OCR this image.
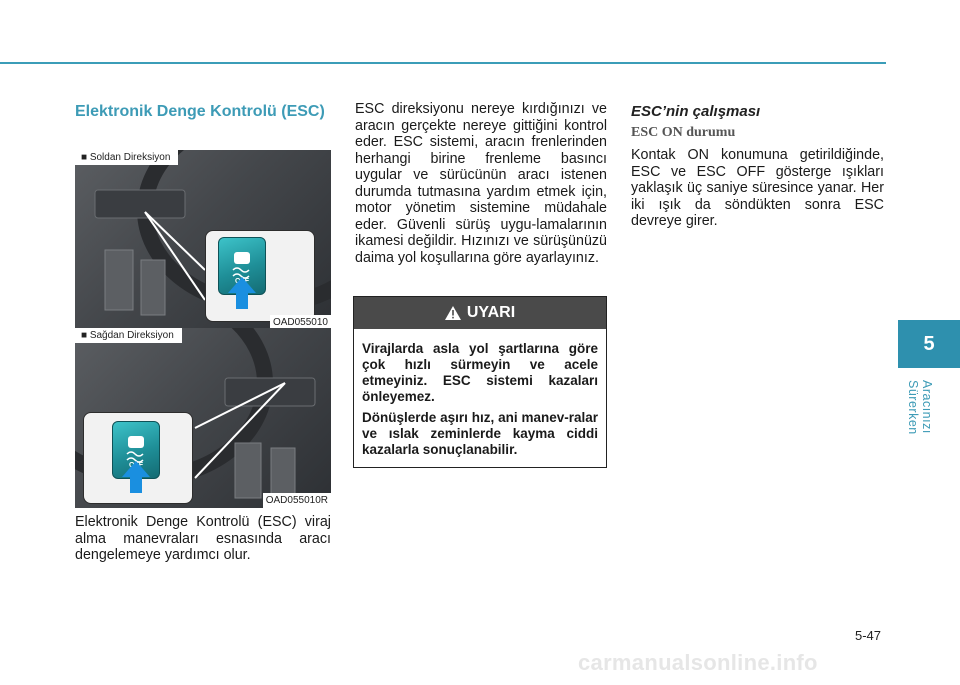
5
Aracınızı Sürerken
Elektronik Denge Kontrolü (ESC)
■ Soldan Direksiyon
OFF
OAD055010
■ Sağdan Direksiyon
OFF
OAD055010R

Elektronik Denge Kontrolü (ESC) viraj alma manevraları esnasında aracı dengelemeye yardımcı olur.

ESC direksiyonu nereye kırdığınızı ve aracın gerçekte nereye gittiğini kontrol eder. ESC sistemi, aracın frenlerinden herhangi birine frenleme basıncı uygular ve sürücünün aracı istenen durumda tutmasına yardım etmek için, motor yönetim sistemine müdahale eder. Güvenli sürüş uygu-lamalarının ikamesi değildir. Hızınızı ve sürüşünüzü daima yol koşullarına göre ayarlayınız.

UYARI

Virajlarda asla yol şartlarına göre çok hızlı sürmeyin ve acele etmeyiniz. ESC sistemi kazaları önleyemez.

Dönüşlerde aşırı hız, ani manev-ralar ve ıslak zeminlerde kayma ciddi kazalarla sonuçlanabilir.

ESC’nin çalışması
ESC ON durumu

Kontak ON konumuna getirildiğinde, ESC ve ESC OFF gösterge ışıkları yaklaşık üç saniye süresince yanar. Her iki ışık da söndükten sonra ESC devreye girer.

5-47
carmanualsonline.info
